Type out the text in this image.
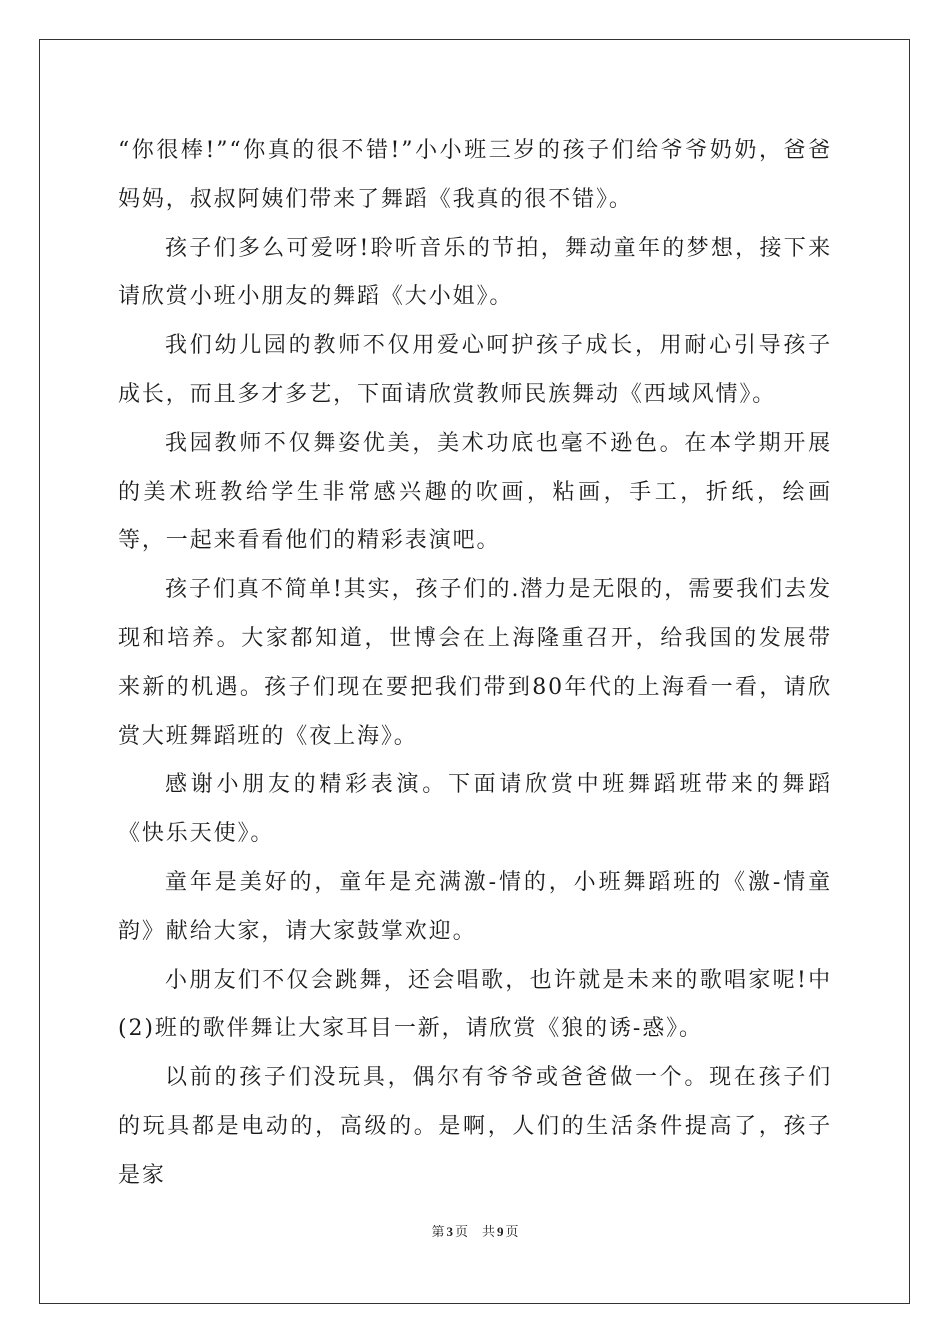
“你很棒!”“你真的很不错!”小小班三岁的孩子们给爷爷奶奶，爸爸妈妈，叔叔阿姨们带来了舞蹈《我真的很不错》。

孩子们多么可爱呀!聆听音乐的节拍，舞动童年的梦想，接下来请欣赏小班小朋友的舞蹈《大小姐》。

我们幼儿园的教师不仅用爱心呵护孩子成长，用耐心引导孩子成长，而且多才多艺，下面请欣赏教师民族舞动《西域风情》。

我园教师不仅舞姿优美，美术功底也毫不逊色。在本学期开展的美术班教给学生非常感兴趣的吹画，粘画，手工，折纸，绘画等，一起来看看他们的精彩表演吧。

孩子们真不简单!其实，孩子们的.潜力是无限的，需要我们去发现和培养。大家都知道，世博会在上海隆重召开，给我国的发展带来新的机遇。孩子们现在要把我们带到80年代的上海看一看，请欣赏大班舞蹈班的《夜上海》。

感谢小朋友的精彩表演。下面请欣赏中班舞蹈班带来的舞蹈《快乐天使》。

童年是美好的，童年是充满激-情的，小班舞蹈班的《激-情童韵》献给大家，请大家鼓掌欢迎。

小朋友们不仅会跳舞，还会唱歌，也许就是未来的歌唱家呢!中(2)班的歌伴舞让大家耳目一新，请欣赏《狼的诱-惑》。

以前的孩子们没玩具，偶尔有爷爷或爸爸做一个。现在孩子们的玩具都是电动的，高级的。是啊，人们的生活条件提高了，孩子是家

第 3 页 共 9 页
